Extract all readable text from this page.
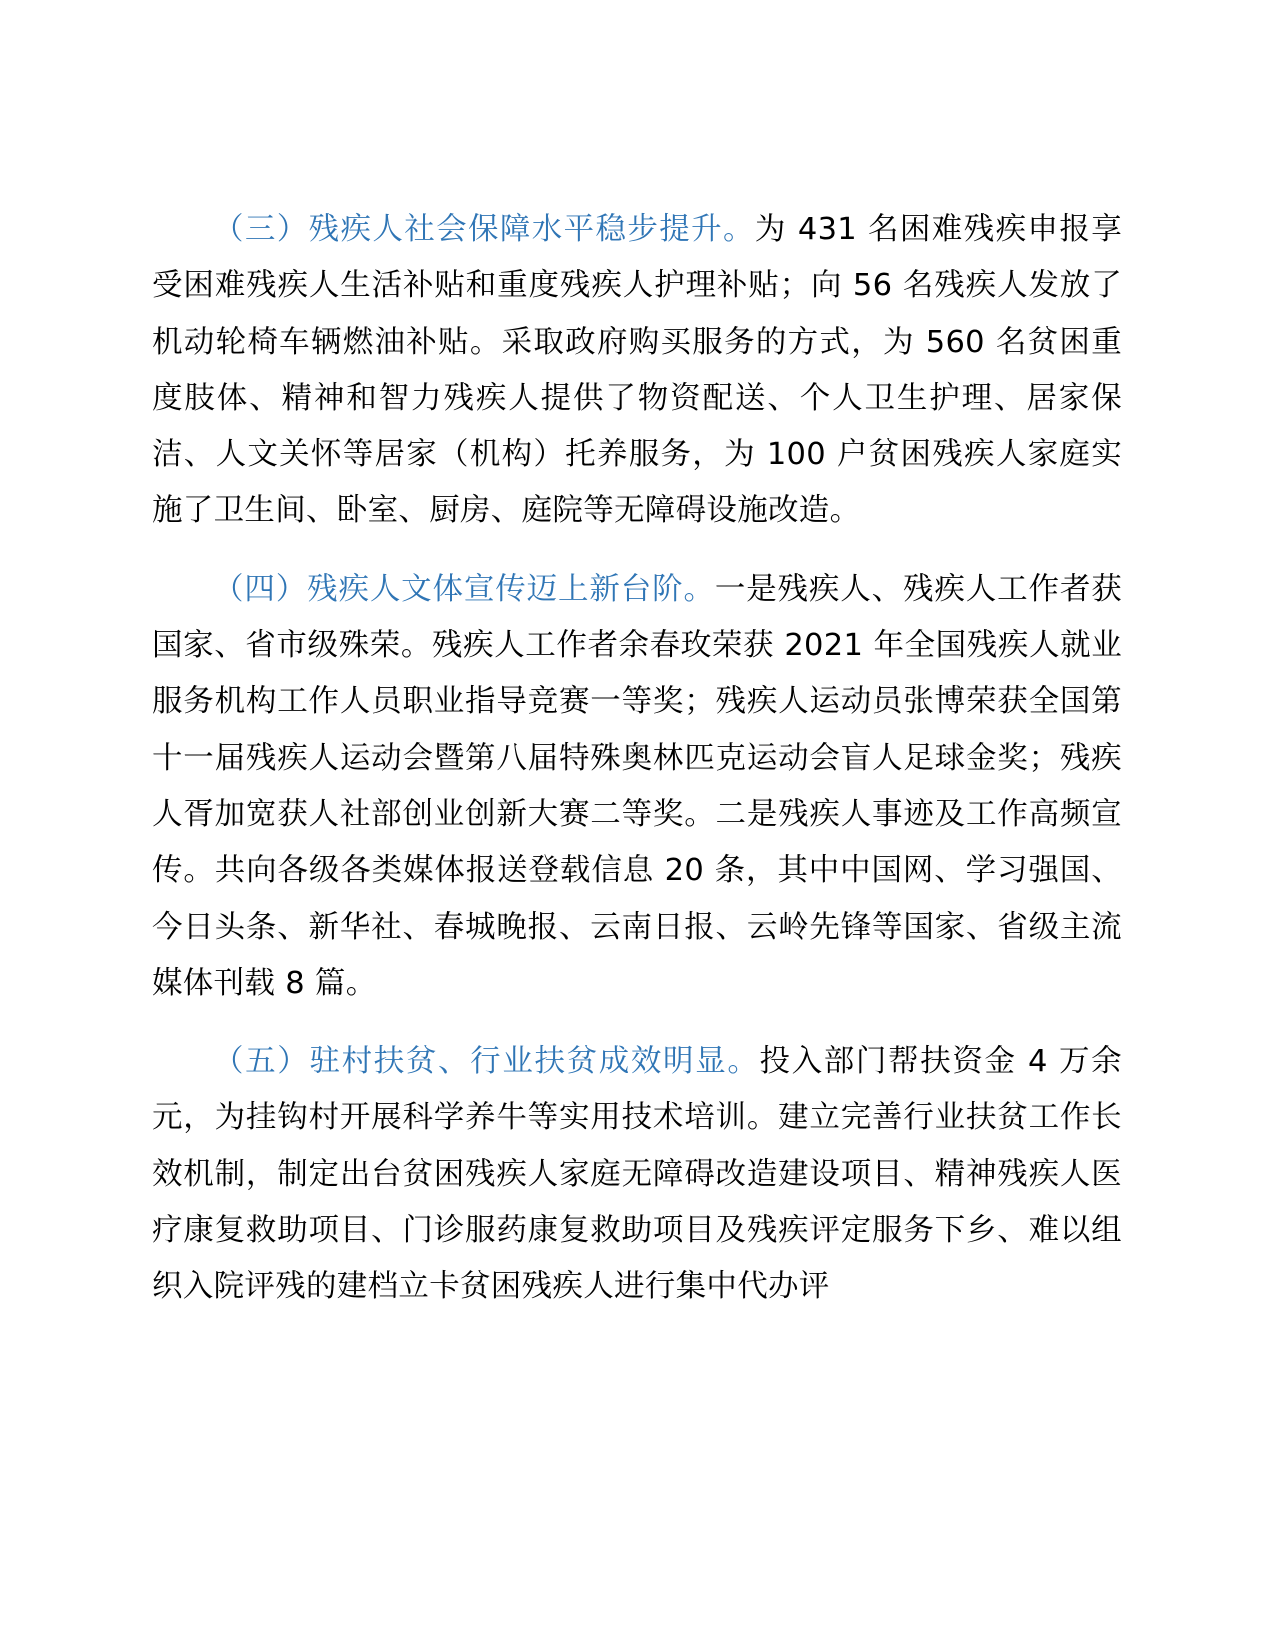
（三）残疾人社会保障水平稳步提升。为 431 名困难残疾申报享受困难残疾人生活补贴和重度残疾人护理补贴；向 56 名残疾人发放了机动轮椅车辆燃油补贴。采取政府购买服务的方式，为 560 名贫困重度肢体、精神和智力残疾人提供了物资配送、个人卫生护理、居家保洁、人文关怀等居家（机构）托养服务，为 100 户贫困残疾人家庭实施了卫生间、卧室、厨房、庭院等无障碍设施改造。

（四）残疾人文体宣传迈上新台阶。一是残疾人、残疾人工作者获国家、省市级殊荣。残疾人工作者余春玫荣获 2021 年全国残疾人就业服务机构工作人员职业指导竞赛一等奖；残疾人运动员张博荣获全国第十一届残疾人运动会暨第八届特殊奥林匹克运动会盲人足球金奖；残疾人胥加宽获人社部创业创新大赛二等奖。二是残疾人事迹及工作高频宣传。共向各级各类媒体报送登载信息 20 条，其中中国网、学习强国、今日头条、新华社、春城晚报、云南日报、云岭先锋等国家、省级主流媒体刊载 8 篇。

（五）驻村扶贫、行业扶贫成效明显。投入部门帮扶资金 4 万余元，为挂钩村开展科学养牛等实用技术培训。建立完善行业扶贫工作长效机制，制定出台贫困残疾人家庭无障碍改造建设项目、精神残疾人医疗康复救助项目、门诊服药康复救助项目及残疾评定服务下乡、难以组织入院评残的建档立卡贫困残疾人进行集中代办评
